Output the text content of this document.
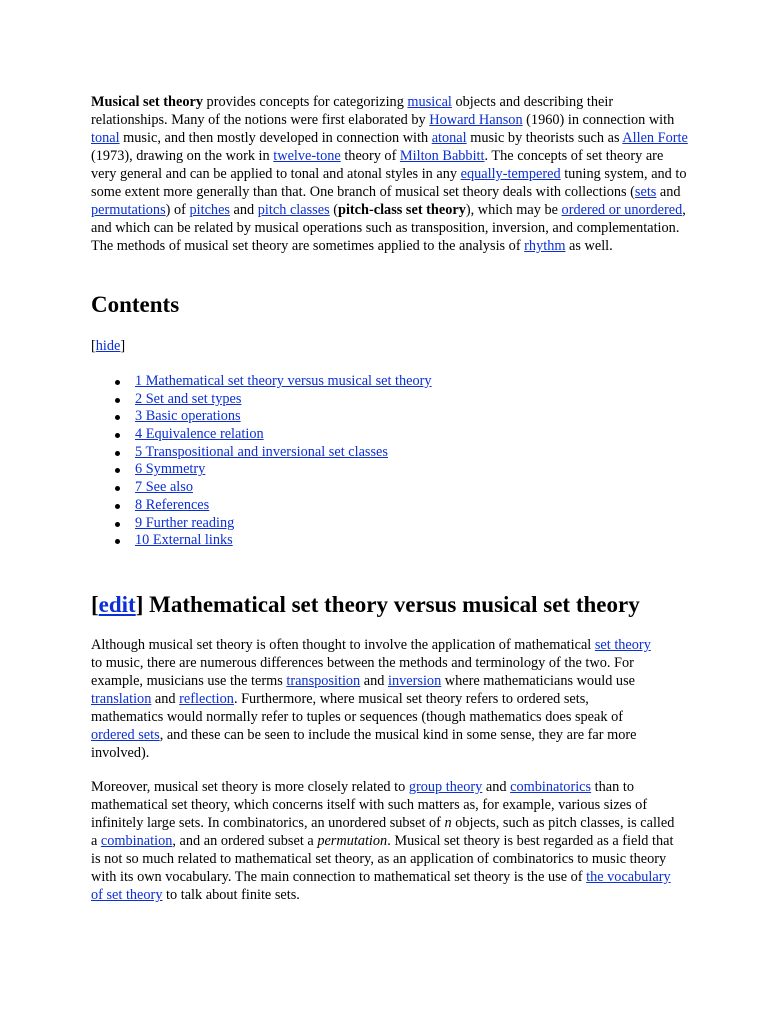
Musical set theory provides concepts for categorizing musical objects and describing their relationships. Many of the notions were first elaborated by Howard Hanson (1960) in connection with tonal music, and then mostly developed in connection with atonal music by theorists such as Allen Forte (1973), drawing on the work in twelve-tone theory of Milton Babbitt. The concepts of set theory are very general and can be applied to tonal and atonal styles in any equally-tempered tuning system, and to some extent more generally than that. One branch of musical set theory deals with collections (sets and permutations) of pitches and pitch classes (pitch-class set theory), which may be ordered or unordered, and which can be related by musical operations such as transposition, inversion, and complementation. The methods of musical set theory are sometimes applied to the analysis of rhythm as well.

Contents

[hide]

1 Mathematical set theory versus musical set theory
2 Set and set types
3 Basic operations
4 Equivalence relation
5 Transpositional and inversional set classes
6 Symmetry
7 See also
8 References
9 Further reading
10 External links
[edit] Mathematical set theory versus musical set theory

Although musical set theory is often thought to involve the application of mathematical set theory to music, there are numerous differences between the methods and terminology of the two. For example, musicians use the terms transposition and inversion where mathematicians would use translation and reflection. Furthermore, where musical set theory refers to ordered sets, mathematics would normally refer to tuples or sequences (though mathematics does speak of ordered sets, and these can be seen to include the musical kind in some sense, they are far more involved).

Moreover, musical set theory is more closely related to group theory and combinatorics than to mathematical set theory, which concerns itself with such matters as, for example, various sizes of infinitely large sets. In combinatorics, an unordered subset of n objects, such as pitch classes, is called a combination, and an ordered subset a permutation. Musical set theory is best regarded as a field that is not so much related to mathematical set theory, as an application of combinatorics to music theory with its own vocabulary. The main connection to mathematical set theory is the use of the vocabulary of set theory to talk about finite sets.
